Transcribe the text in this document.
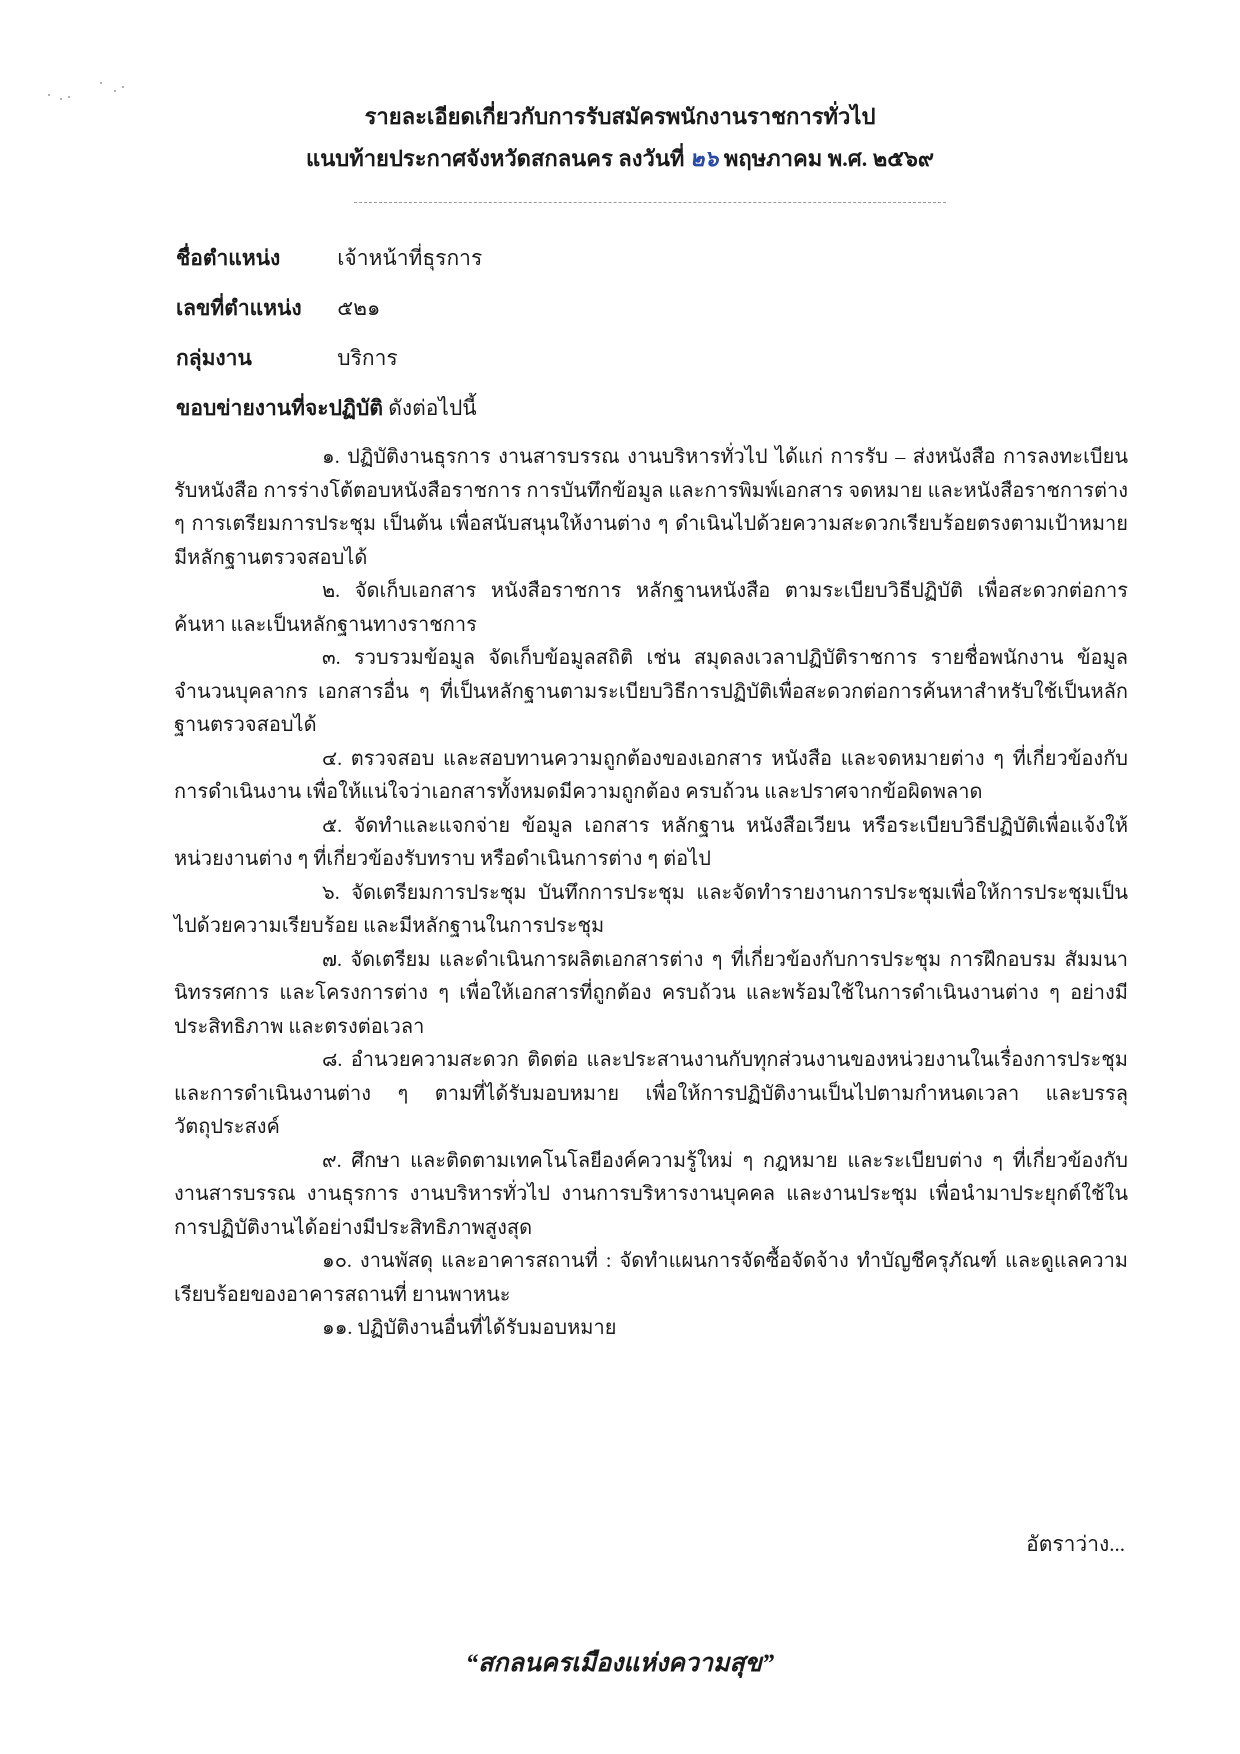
รายละเอียดเกี่ยวกับการรับสมัครพนักงานราชการทั่วไป
แนบท้ายประกาศจังหวัดสกลนคร ลงวันที่ ๒๖ พฤษภาคม พ.ศ. ๒๕๖๙
ชื่อตำแหน่ง	เจ้าหน้าที่ธุรการ
เลขที่ตำแหน่ง ๕๒๑
กลุ่มงาน	บริการ
ขอบข่ายงานที่จะปฏิบัติ ดังต่อไปนี้

๑. ปฏิบัติงานธุรการ งานสารบรรณ งานบริหารทั่วไป ได้แก่ การรับ – ส่งหนังสือ การลงทะเบียนรับหนังสือ การร่างโต้ตอบหนังสือราชการ การบันทึกข้อมูล และการพิมพ์เอกสาร จดหมาย และหนังสือราชการต่าง ๆ การเตรียมการประชุม เป็นต้น เพื่อสนับสนุนให้งานต่าง ๆ ดำเนินไปด้วยความสะดวกเรียบร้อยตรงตามเป้าหมาย มีหลักฐานตรวจสอบได้

๒. จัดเก็บเอกสาร หนังสือราชการ หลักฐานหนังสือ ตามระเบียบวิธีปฏิบัติ เพื่อสะดวกต่อการค้นหา และเป็นหลักฐานทางราชการ

๓. รวบรวมข้อมูล จัดเก็บข้อมูลสถิติ เช่น สมุดลงเวลาปฏิบัติราชการ รายชื่อพนักงาน ข้อมูลจำนวนบุคลากร เอกสารอื่น ๆ ที่เป็นหลักฐานตามระเบียบวิธีการปฏิบัติเพื่อสะดวกต่อการค้นหาสำหรับใช้เป็นหลักฐานตรวจสอบได้

๔. ตรวจสอบ และสอบทานความถูกต้องของเอกสาร หนังสือ และจดหมายต่าง ๆ ที่เกี่ยวข้องกับการดำเนินงาน เพื่อให้แน่ใจว่าเอกสารทั้งหมดมีความถูกต้อง ครบถ้วน และปราศจากข้อผิดพลาด

๕. จัดทำและแจกจ่าย ข้อมูล เอกสาร หลักฐาน หนังสือเวียน หรือระเบียบวิธีปฏิบัติเพื่อแจ้งให้หน่วยงานต่าง ๆ ที่เกี่ยวข้องรับทราบ หรือดำเนินการต่าง ๆ ต่อไป

๖. จัดเตรียมการประชุม บันทึกการประชุม และจัดทำรายงานการประชุมเพื่อให้การประชุมเป็นไปด้วยความเรียบร้อย และมีหลักฐานในการประชุม

๗. จัดเตรียม และดำเนินการผลิตเอกสารต่าง ๆ ที่เกี่ยวข้องกับการประชุม การฝึกอบรม สัมมนา นิทรรศการ และโครงการต่าง ๆ เพื่อให้เอกสารที่ถูกต้อง ครบถ้วน และพร้อมใช้ในการดำเนินงานต่าง ๆ อย่างมีประสิทธิภาพ และตรงต่อเวลา

๘. อำนวยความสะดวก ติดต่อ และประสานงานกับทุกส่วนงานของหน่วยงานในเรื่องการประชุม และการดำเนินงานต่าง ๆ ตามที่ได้รับมอบหมาย เพื่อให้การปฏิบัติงานเป็นไปตามกำหนดเวลา และบรรลุวัตถุประสงค์

๙. ศึกษา และติดตามเทคโนโลยีองค์ความรู้ใหม่ ๆ กฎหมาย และระเบียบต่าง ๆ ที่เกี่ยวข้องกับงานสารบรรณ งานธุรการ งานบริหารทั่วไป งานการบริหารงานบุคคล และงานประชุม เพื่อนำมาประยุกต์ใช้ในการปฏิบัติงานได้อย่างมีประสิทธิภาพสูงสุด

๑๐. งานพัสดุ และอาคารสถานที่ : จัดทำแผนการจัดซื้อจัดจ้าง ทำบัญชีครุภัณฑ์ และดูแลความเรียบร้อยของอาคารสถานที่ ยานพาหนะ

๑๑. ปฏิบัติงานอื่นที่ได้รับมอบหมาย

อัตราว่าง...
“สกลนครเมืองแห่งความสุข”
